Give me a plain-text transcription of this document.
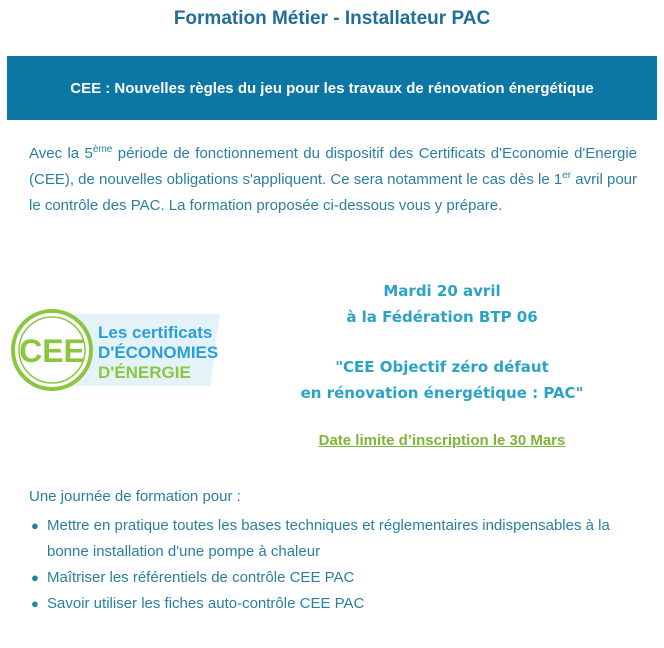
Formation Métier - Installateur PAC
CEE : Nouvelles règles du jeu pour les travaux de rénovation énergétique
Avec la 5ème période de fonctionnement du dispositif des Certificats d'Economie d'Energie (CEE), de nouvelles obligations s'appliquent. Ce sera notamment le cas dès le 1er avril pour le contrôle des PAC. La formation proposée ci-dessous vous y prépare.
CEE
Les certificats
D'ÉCONOMIES
D'ÉNERGIE
Mardi 20 avril
à la Fédération BTP 06
"CEE Objectif zéro défaut
en rénovation énergétique : PAC"
Date limite d’inscription le 30 Mars
Une journée de formation pour :
● Mettre en pratique toutes les bases techniques et réglementaires indispensables à la bonne installation d'une pompe à chaleur
● Maîtriser les référentiels de contrôle CEE PAC
● Savoir utiliser les fiches auto-contrôle CEE PAC
